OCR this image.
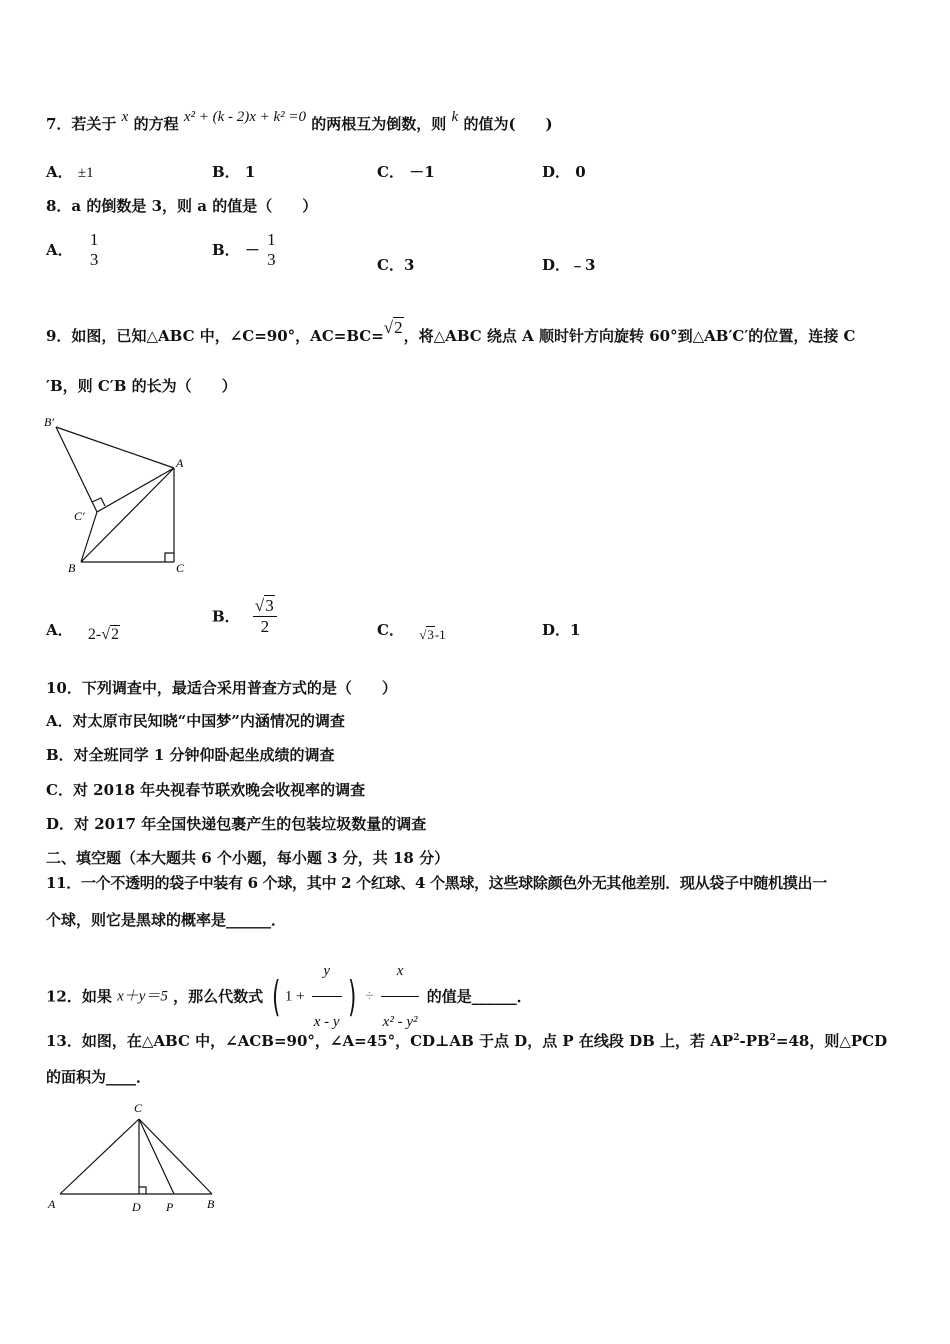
7．若关于 x 的方程 x² + (k - 2)x + k² =0 的两根互为倒数，则 k 的值为(　　)
A． ±1	B． 1	C． －1	D． 0
8．a 的倒数是 3，则 a 的值是（　　）
A．
1
3	B． －
1
3	C．3	D．﹣3
9．如图，已知△ABC 中，∠C=90°，AC=BC=√2，将△ABC 绕点 A 顺时针方向旋转 60°到△AB′C′的位置，连接 C
′B，则 C′B 的长为（　　）
B′
A
C′
B	C
A． 2-√2
B． $\frac{√3}{2}$	C． √3-1	D．1
10．下列调查中，最适合采用普查方式的是（　　）
A．对太原市民知晓“中国梦”内涵情况的调查
B．对全班同学 1 分钟仰卧起坐成绩的调查
C．对 2018 年央视春节联欢晚会收视率的调查
D．对 2017 年全国快递包裹产生的包装垃圾数量的调查
二、填空题（本大题共 6 个小题，每小题 3 分，共 18 分）
11．一个不透明的袋子中装有 6 个球，其中 2 个红球、4 个黑球，这些球除颜色外无其他差别．现从袋子中随机摸出一
个球，则它是黑球的概率是______．
12．如果 x＋y＝5 ，那么代数式 ( $1 + \frac{y}{x - y}$ ) ÷ $\frac{x}{\text{x² - y²}}$ 的值是______．
13．如图，在△ABC 中，∠ACB=90°，∠A=45°，CD⊥AB 于点 D，点 P 在线段 DB 上，若 $AP^2-PB^2=48$，则△PCD
的面积为____．
C
A	D P	B
